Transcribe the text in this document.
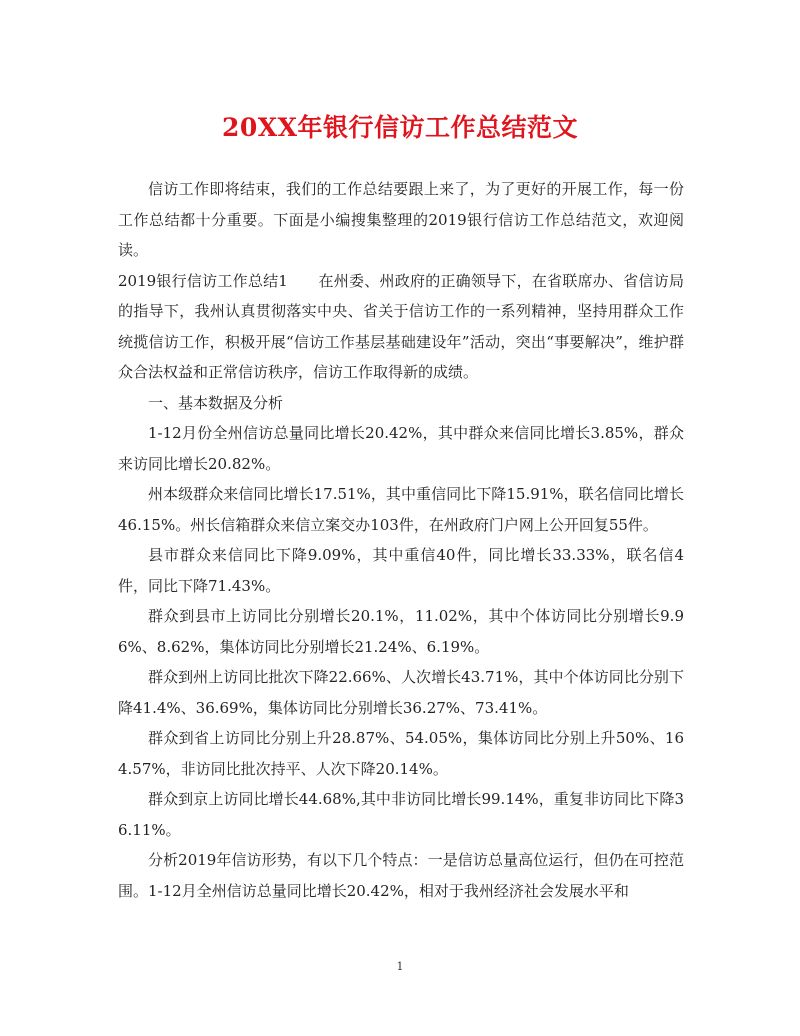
20XX年银行信访工作总结范文

信访工作即将结束，我们的工作总结要跟上来了，为了更好的开展工作，每一份工作总结都十分重要。下面是小编搜集整理的2019银行信访工作总结范文，欢迎阅读。

2019银行信访工作总结1　　在州委、州政府的正确领导下，在省联席办、省信访局的指导下，我州认真贯彻落实中央、省关于信访工作的一系列精神，坚持用群众工作统揽信访工作，积极开展“信访工作基层基础建设年”活动，突出“事要解决”，维护群众合法权益和正常信访秩序，信访工作取得新的成绩。

一、基本数据及分析

1-12月份全州信访总量同比增长20.42%，其中群众来信同比增长3.85%，群众来访同比增长20.82%。

州本级群众来信同比增长17.51%，其中重信同比下降15.91%，联名信同比增长46.15%。州长信箱群众来信立案交办103件，在州政府门户网上公开回复55件。

县市群众来信同比下降9.09%，其中重信40件，同比增长33.33%，联名信4件，同比下降71.43%。

群众到县市上访同比分别增长20.1%，11.02%，其中个体访同比分别增长9.96%、8.62%，集体访同比分别增长21.24%、6.19%。

群众到州上访同比批次下降22.66%、人次增长43.71%，其中个体访同比分别下降41.4%、36.69%，集体访同比分别增长36.27%、73.41%。

群众到省上访同比分别上升28.87%、54.05%，集体访同比分别上升50%、164.57%，非访同比批次持平、人次下降20.14%。

群众到京上访同比增长44.68%,其中非访同比增长99.14%，重复非访同比下降36.11%。

分析2019年信访形势，有以下几个特点：一是信访总量高位运行，但仍在可控范围。1-12月全州信访总量同比增长20.42%，相对于我州经济社会发展水平和

1
